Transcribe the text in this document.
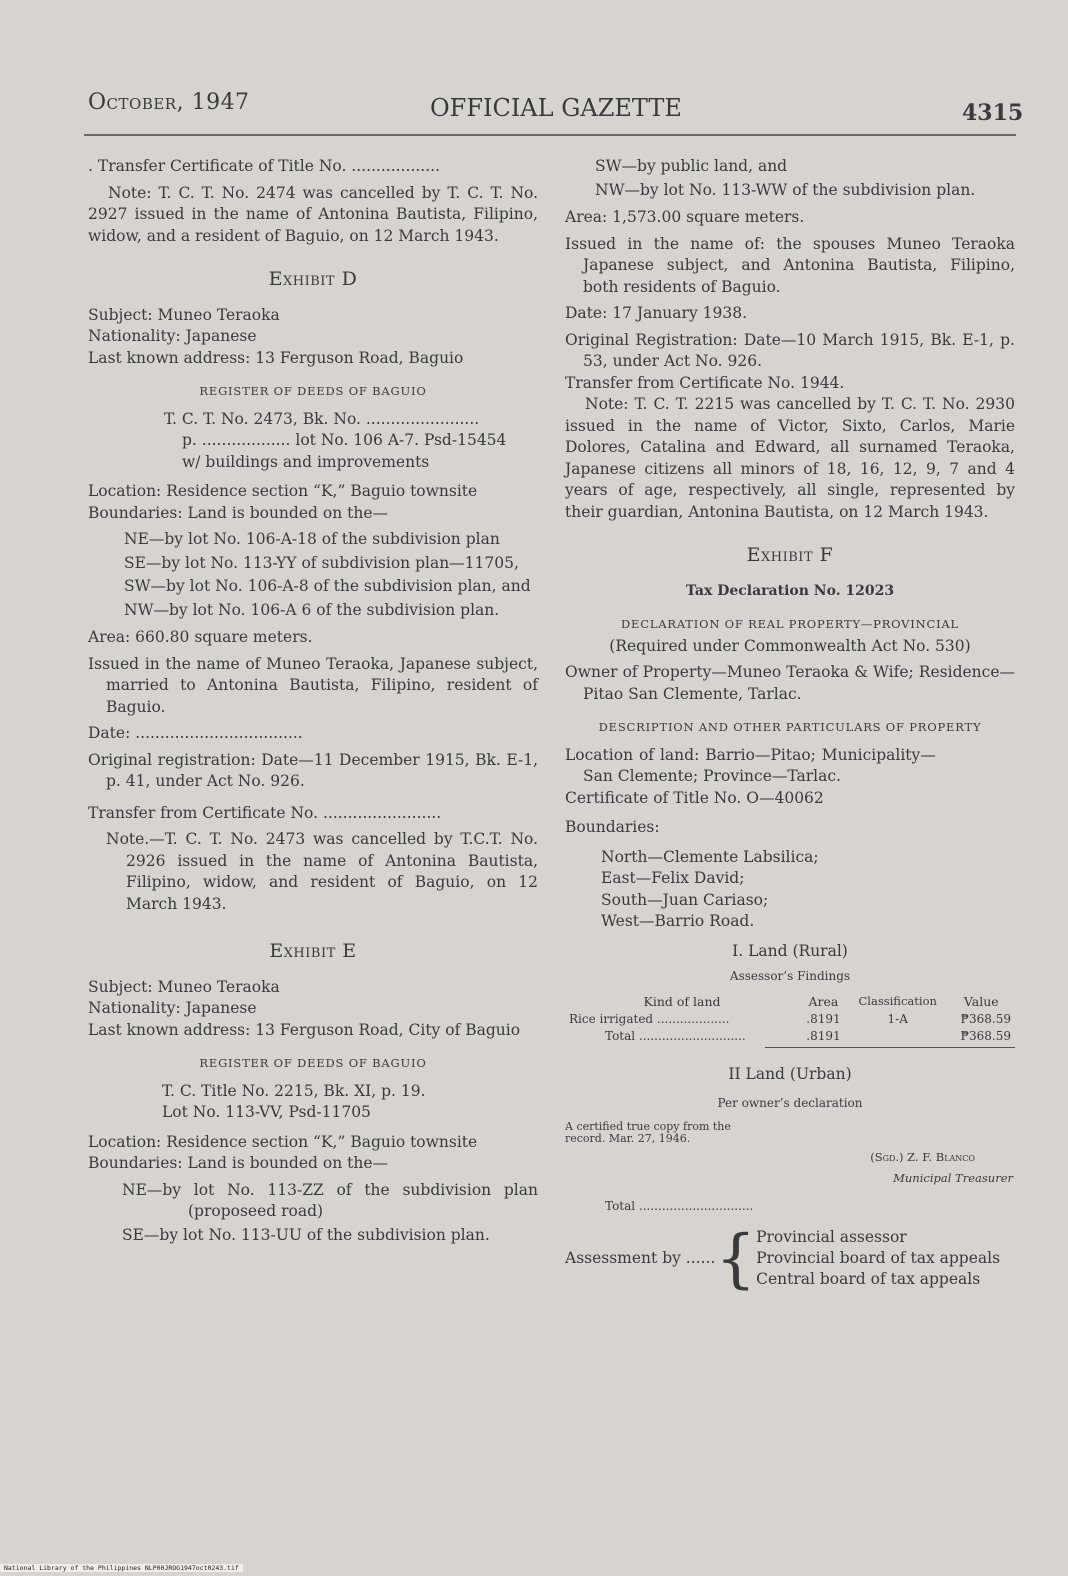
October, 1947	OFFICIAL GAZETTE	4315

. Transfer Certificate of Title No. ..................

Note: T. C. T. No. 2474 was cancelled by T. C. T. No. 2927 issued in the name of Antonina Bautista, Filipino, widow, and a resident of Baguio, on 12 March 1943.

Exhibit D

Subject: Muneo Teraoka

Nationality: Japanese

Last known address: 13 Ferguson Road, Baguio

REGISTER OF DEEDS OF BAGUIO
T. C. T. No. 2473, Bk. No. .......................
p. .................. lot No. 106 A-7. Psd-15454
w/ buildings and improvements

Location: Residence section “K,” Baguio townsite

Boundaries: Land is bounded on the—

NE—by lot No. 106-A-18 of the subdivision plan

SE—by lot No. 113-YY of subdivision plan—11705,

SW—by lot No. 106-A-8 of the subdivision plan, and

NW—by lot No. 106-A 6 of the subdivision plan.

Area: 660.80 square meters.

Issued in the name of Muneo Teraoka, Japanese subject, married to Antonina Bautista, Filipino, resident of Baguio.

Date: ..................................

Original registration: Date—11 December 1915, Bk. E-1, p. 41, under Act No. 926.

Transfer from Certificate No. ........................

Note.—T. C. T. No. 2473 was cancelled by T.C.T. No. 2926 issued in the name of Antonina Bautista, Filipino, widow, and resident of Baguio, on 12 March 1943.

Exhibit E

Subject: Muneo Teraoka

Nationality: Japanese

Last known address: 13 Ferguson Road, City of Baguio

REGISTER OF DEEDS OF BAGUIO
T. C. Title No. 2215, Bk. XI, p. 19.
Lot No. 113-VV, Psd-11705

Location: Residence section “K,” Baguio townsite

Boundaries: Land is bounded on the—

NE—by lot No. 113-ZZ of the subdivision plan (proposeed road)

SE—by lot No. 113-UU of the subdivision plan.

SW—by public land, and

NW—by lot No. 113-WW of the subdivision plan.

Area: 1,573.00 square meters.

Issued in the name of: the spouses Muneo Teraoka Japanese subject, and Antonina Bautista, Filipino, both residents of Baguio.

Date: 17 January 1938.

Original Registration: Date—10 March 1915, Bk. E-1, p. 53, under Act No. 926.

Transfer from Certificate No. 1944.

Note: T. C. T. 2215 was cancelled by T. C. T. No. 2930 issued in the name of Victor, Sixto, Carlos, Marie Dolores, Catalina and Edward, all surnamed Teraoka, Japanese citizens all minors of 18, 16, 12, 9, 7 and 4 years of age, respectively, all single, represented by their guardian, Antonina Bautista, on 12 March 1943.

Exhibit F
Tax Declaration No. 12023
DECLARATION OF REAL PROPERTY—PROVINCIAL

(Required under Commonwealth Act No. 530)

Owner of Property—Muneo Teraoka & Wife; Residence—Pitao San Clemente, Tarlac.

DESCRIPTION AND OTHER PARTICULARS OF PROPERTY

Location of land: Barrio—Pitao; Municipality—

San Clemente; Province—Tarlac.

Certificate of Title No. O—40062

Boundaries:

North—Clemente Labsilica;
East—Felix David;
South—Juan Cariaso;
West—Barrio Road.

I. Land (Rural)

Assessor’s Findings
Kind of land	Area	Classification	Value
Rice irrigated ...................	.8191	1-A	₱368.59
Total ............................	.8191		₱368.59

II Land (Urban)

Per owner’s declaration
A certified true copy from the record. Mar. 27, 1946.
(Sgd.) Z. F. Blanco
Municipal Treasurer
Total ..............................
Assessment by ...... { Provincial assessor
Provincial board of tax appeals
Central board of tax appeals
National Library of the Philippines NLP00JROG1947oct0243.tif
